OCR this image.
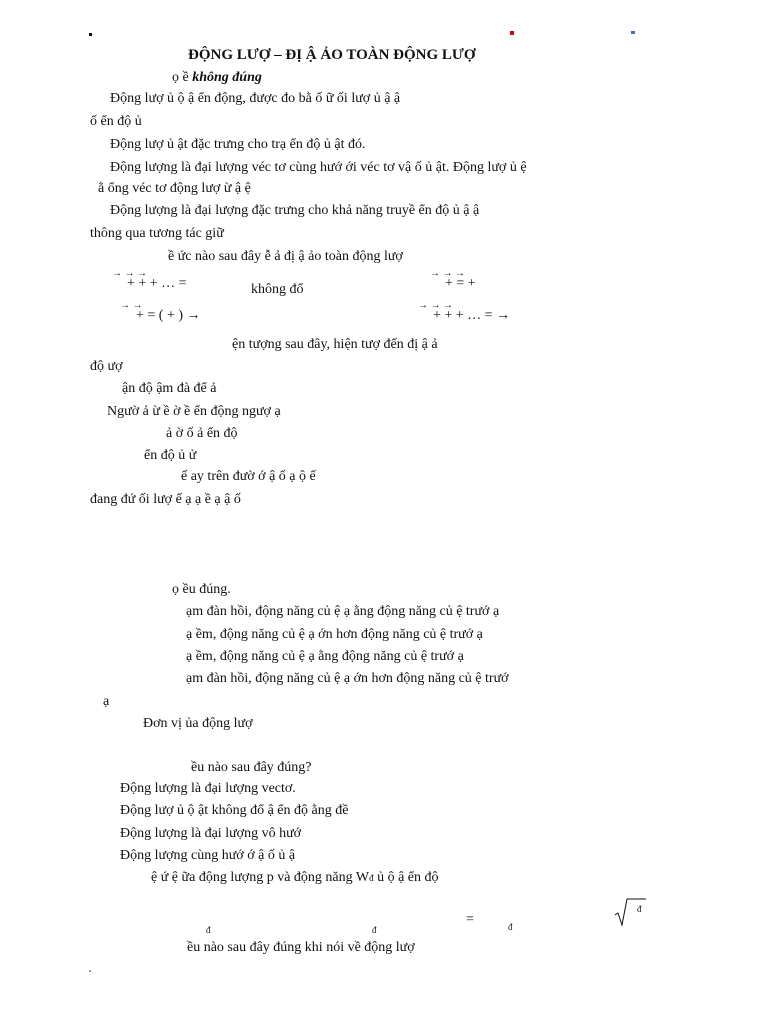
ĐỘNG LƯỢ – ĐỊ Ậ ẢO TOÀN ĐỘNG LƯỢ
ọ ề không đúng
Động lượ ủ ộ ậ ển động, được đo bằ ố ữ ối lượ ủ ậ ậ
ố ển độ ủ
Động lượ ủ ật đặc trưng cho trạ ển độ ủ ật đó.
Động lượng là đại lượng véc tơ cùng hướ ới véc tơ vậ ố ủ ật. Động lượ ủ ệ
ằ ổng véc tơ động lượ ừ ậ ệ
Động lượng là đại lượng đặc trưng cho khả năng truyề ển độ ủ ậ ậ
thông qua tương tác giữ
ề ức nào sau đây ễ ả đị ậ ảo toàn động lượ
→ → →
+ + + … =	không đổ
→ → →
+ = +
→ →
+ = ( + ) →
→ → →
+ + + … = →
ện tượng sau đây, hiện tượ đến đị ậ ả
độ ượ
ận độ ậm đà để ả
Ngườ ả ừ ề ờ ề ển động ngượ ạ
ả ờ ố ả ển độ
ển độ ủ ử
ế ay trên đườ ớ ậ ố ạ ộ ế
đang đứ ối lượ ế ạ ạ ề ạ ậ ố
ọ ều đúng.
ạm đàn hồi, động năng củ ệ ạ ằng động năng củ ệ trướ ạ
ạ ềm, động năng củ ệ ạ ớn hơn động năng củ ệ trướ ạ
ạ ềm, động năng củ ệ ạ ằng động năng củ ệ trướ ạ
ạm đàn hồi, động năng củ ệ ạ ớn hơn động năng củ ệ trướ
ạ
Đơn vị ủa động lượ
ều nào sau đây đúng?
Động lượng là đại lượng vectơ.
Động lượ ủ ộ ật không đổ ậ ển độ ằng đề
Động lượng là đại lượng vô hướ
Động lượng cùng hướ ớ ậ ố ủ ậ
ệ ứ ệ ữa động lượng p và động năng Wđ ủ ộ ậ ển độ
đ	đ
=	đ
đ
ều nào sau đây đúng khi nói về động lượ
